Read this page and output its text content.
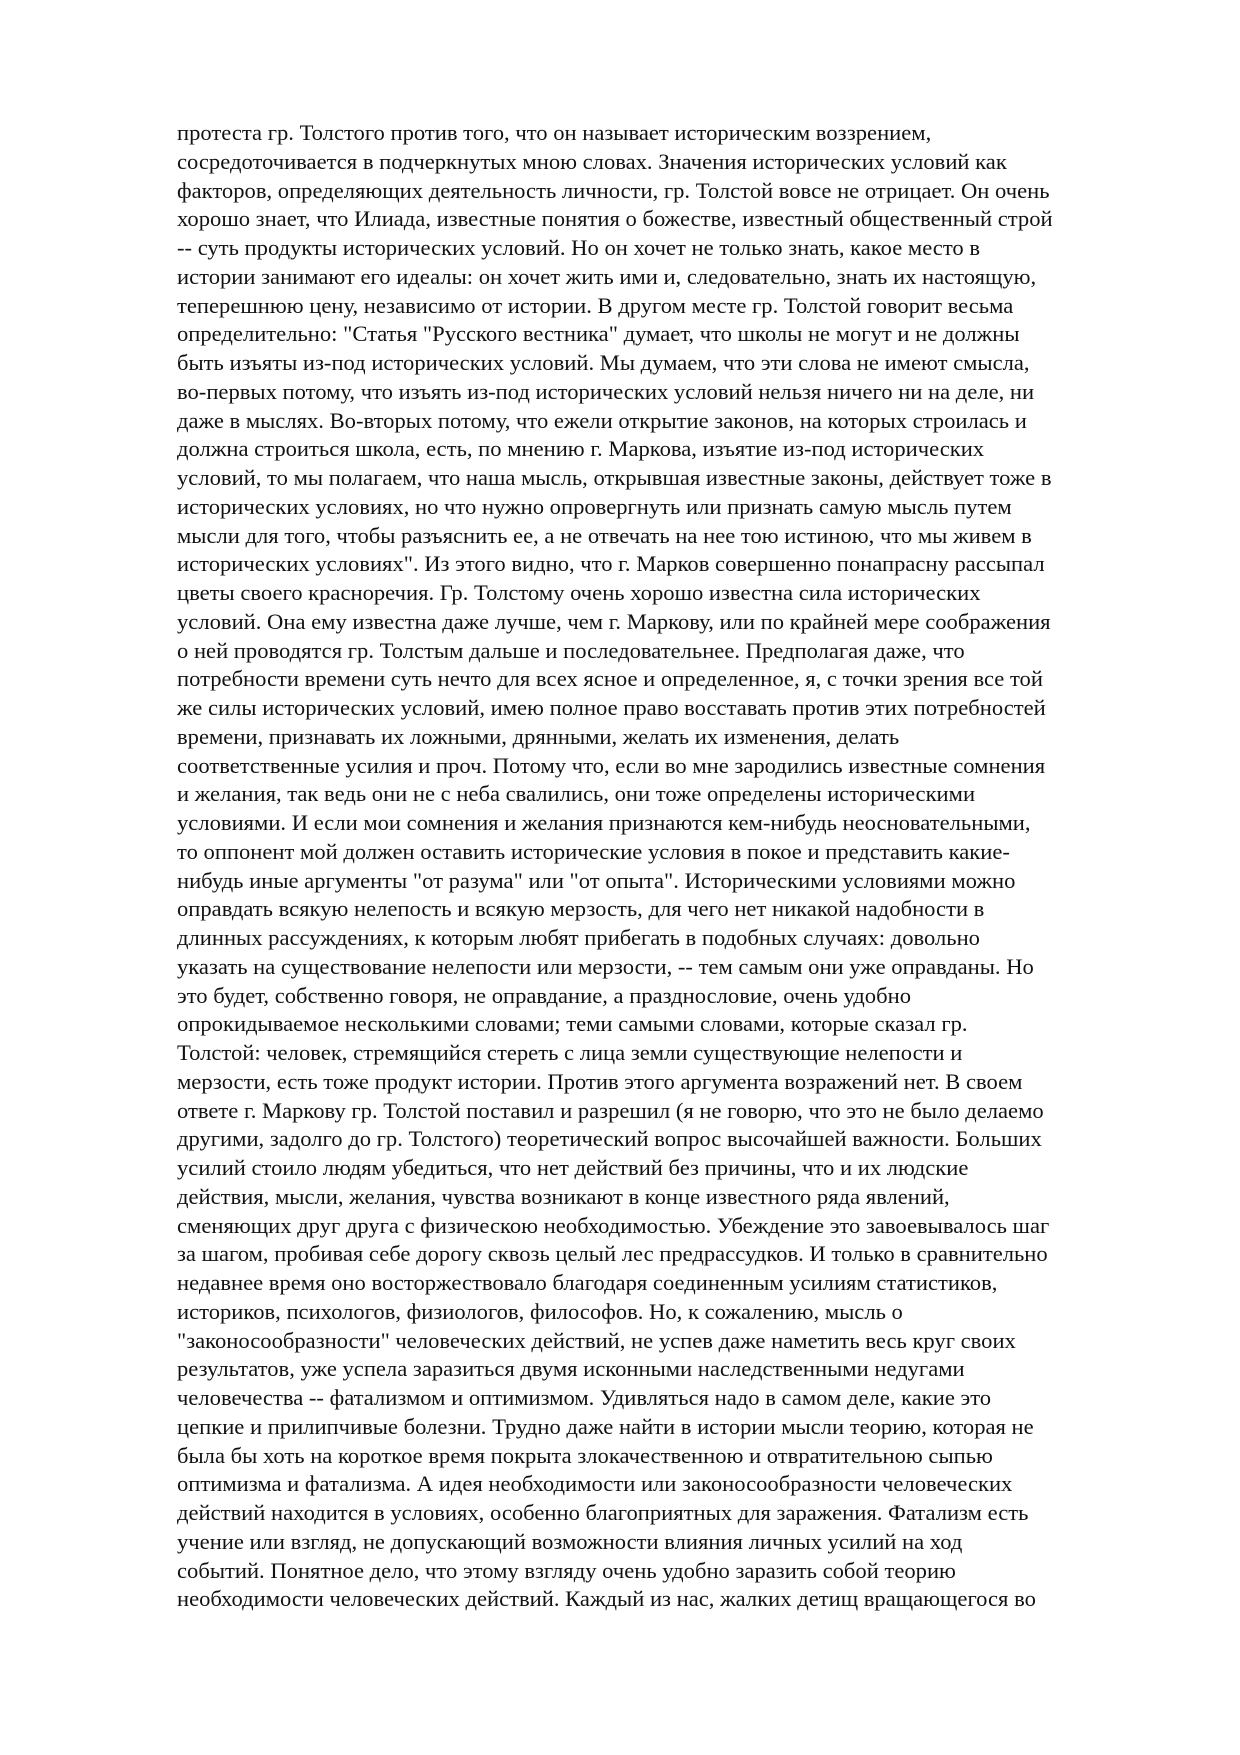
протеста гр. Толстого против того, что он называет историческим воззрением,
сосредоточивается в подчеркнутых мною словах. Значения исторических условий как
факторов, определяющих деятельность личности, гр. Толстой вовсе не отрицает. Он очень
хорошо знает, что Илиада, известные понятия о божестве, известный общественный строй
-- суть продукты исторических условий. Но он хочет не только знать, какое место в
истории занимают его идеалы: он хочет жить ими и, следовательно, знать их настоящую,
теперешнюю цену, независимо от истории. В другом месте гр. Толстой говорит весьма
определительно: "Статья "Русского вестника" думает, что школы не могут и не должны
быть изъяты из-под исторических условий. Мы думаем, что эти слова не имеют смысла,
во-первых потому, что изъять из-под исторических условий нельзя ничего ни на деле, ни
даже в мыслях. Во-вторых потому, что ежели открытие законов, на которых строилась и
должна строиться школа, есть, по мнению г. Маркова, изъятие из-под исторических
условий, то мы полагаем, что наша мысль, открывшая известные законы, действует тоже в
исторических условиях, но что нужно опровергнуть или признать самую мысль путем
мысли для того, чтобы разъяснить ее, а не отвечать на нее тою истиною, что мы живем в
исторических условиях". Из этого видно, что г. Марков совершенно понапрасну рассыпал
цветы своего красноречия. Гр. Толстому очень хорошо известна сила исторических
условий. Она ему известна даже лучше, чем г. Маркову, или по крайней мере соображения
о ней проводятся гр. Толстым дальше и последовательнее. Предполагая даже, что
потребности времени суть нечто для всех ясное и определенное, я, с точки зрения все той
же силы исторических условий, имею полное право восставать против этих потребностей
времени, признавать их ложными, дрянными, желать их изменения, делать
соответственные усилия и проч. Потому что, если во мне зародились известные сомнения
и желания, так ведь они не с неба свалились, они тоже определены историческими
условиями. И если мои сомнения и желания признаются кем-нибудь неосновательными,
то оппонент мой должен оставить исторические условия в покое и представить какие-
нибудь иные аргументы "от разума" или "от опыта". Историческими условиями можно
оправдать всякую нелепость и всякую мерзость, для чего нет никакой надобности в
длинных рассуждениях, к которым любят прибегать в подобных случаях: довольно
указать на существование нелепости или мерзости, -- тем самым они уже оправданы. Но
это будет, собственно говоря, не оправдание, а празднословие, очень удобно
опрокидываемое несколькими словами; теми самыми словами, которые сказал гр.
Толстой: человек, стремящийся стереть с лица земли существующие нелепости и
мерзости, есть тоже продукт истории. Против этого аргумента возражений нет. В своем
ответе г. Маркову гр. Толстой поставил и разрешил (я не говорю, что это не было делаемо
другими, задолго до гр. Толстого) теоретический вопрос высочайшей важности. Больших
усилий стоило людям убедиться, что нет действий без причины, что и их людские
действия, мысли, желания, чувства возникают в конце известного ряда явлений,
сменяющих друг друга с физическою необходимостью. Убеждение это завоевывалось шаг
за шагом, пробивая себе дорогу сквозь целый лес предрассудков. И только в сравнительно
недавнее время оно восторжествовало благодаря соединенным усилиям статистиков,
историков, психологов, физиологов, философов. Но, к сожалению, мысль о
"законосообразности" человеческих действий, не успев даже наметить весь круг своих
результатов, уже успела заразиться двумя исконными наследственными недугами
человечества -- фатализмом и оптимизмом. Удивляться надо в самом деле, какие это
цепкие и прилипчивые болезни. Трудно даже найти в истории мысли теорию, которая не
была бы хоть на короткое время покрыта злокачественною и отвратительною сыпью
оптимизма и фатализма. А идея необходимости или законосообразности человеческих
действий находится в условиях, особенно благоприятных для заражения. Фатализм есть
учение или взгляд, не допускающий возможности влияния личных усилий на ход
событий. Понятное дело, что этому взгляду очень удобно заразить собой теорию
необходимости человеческих действий. Каждый из нас, жалких детищ вращающегося во
